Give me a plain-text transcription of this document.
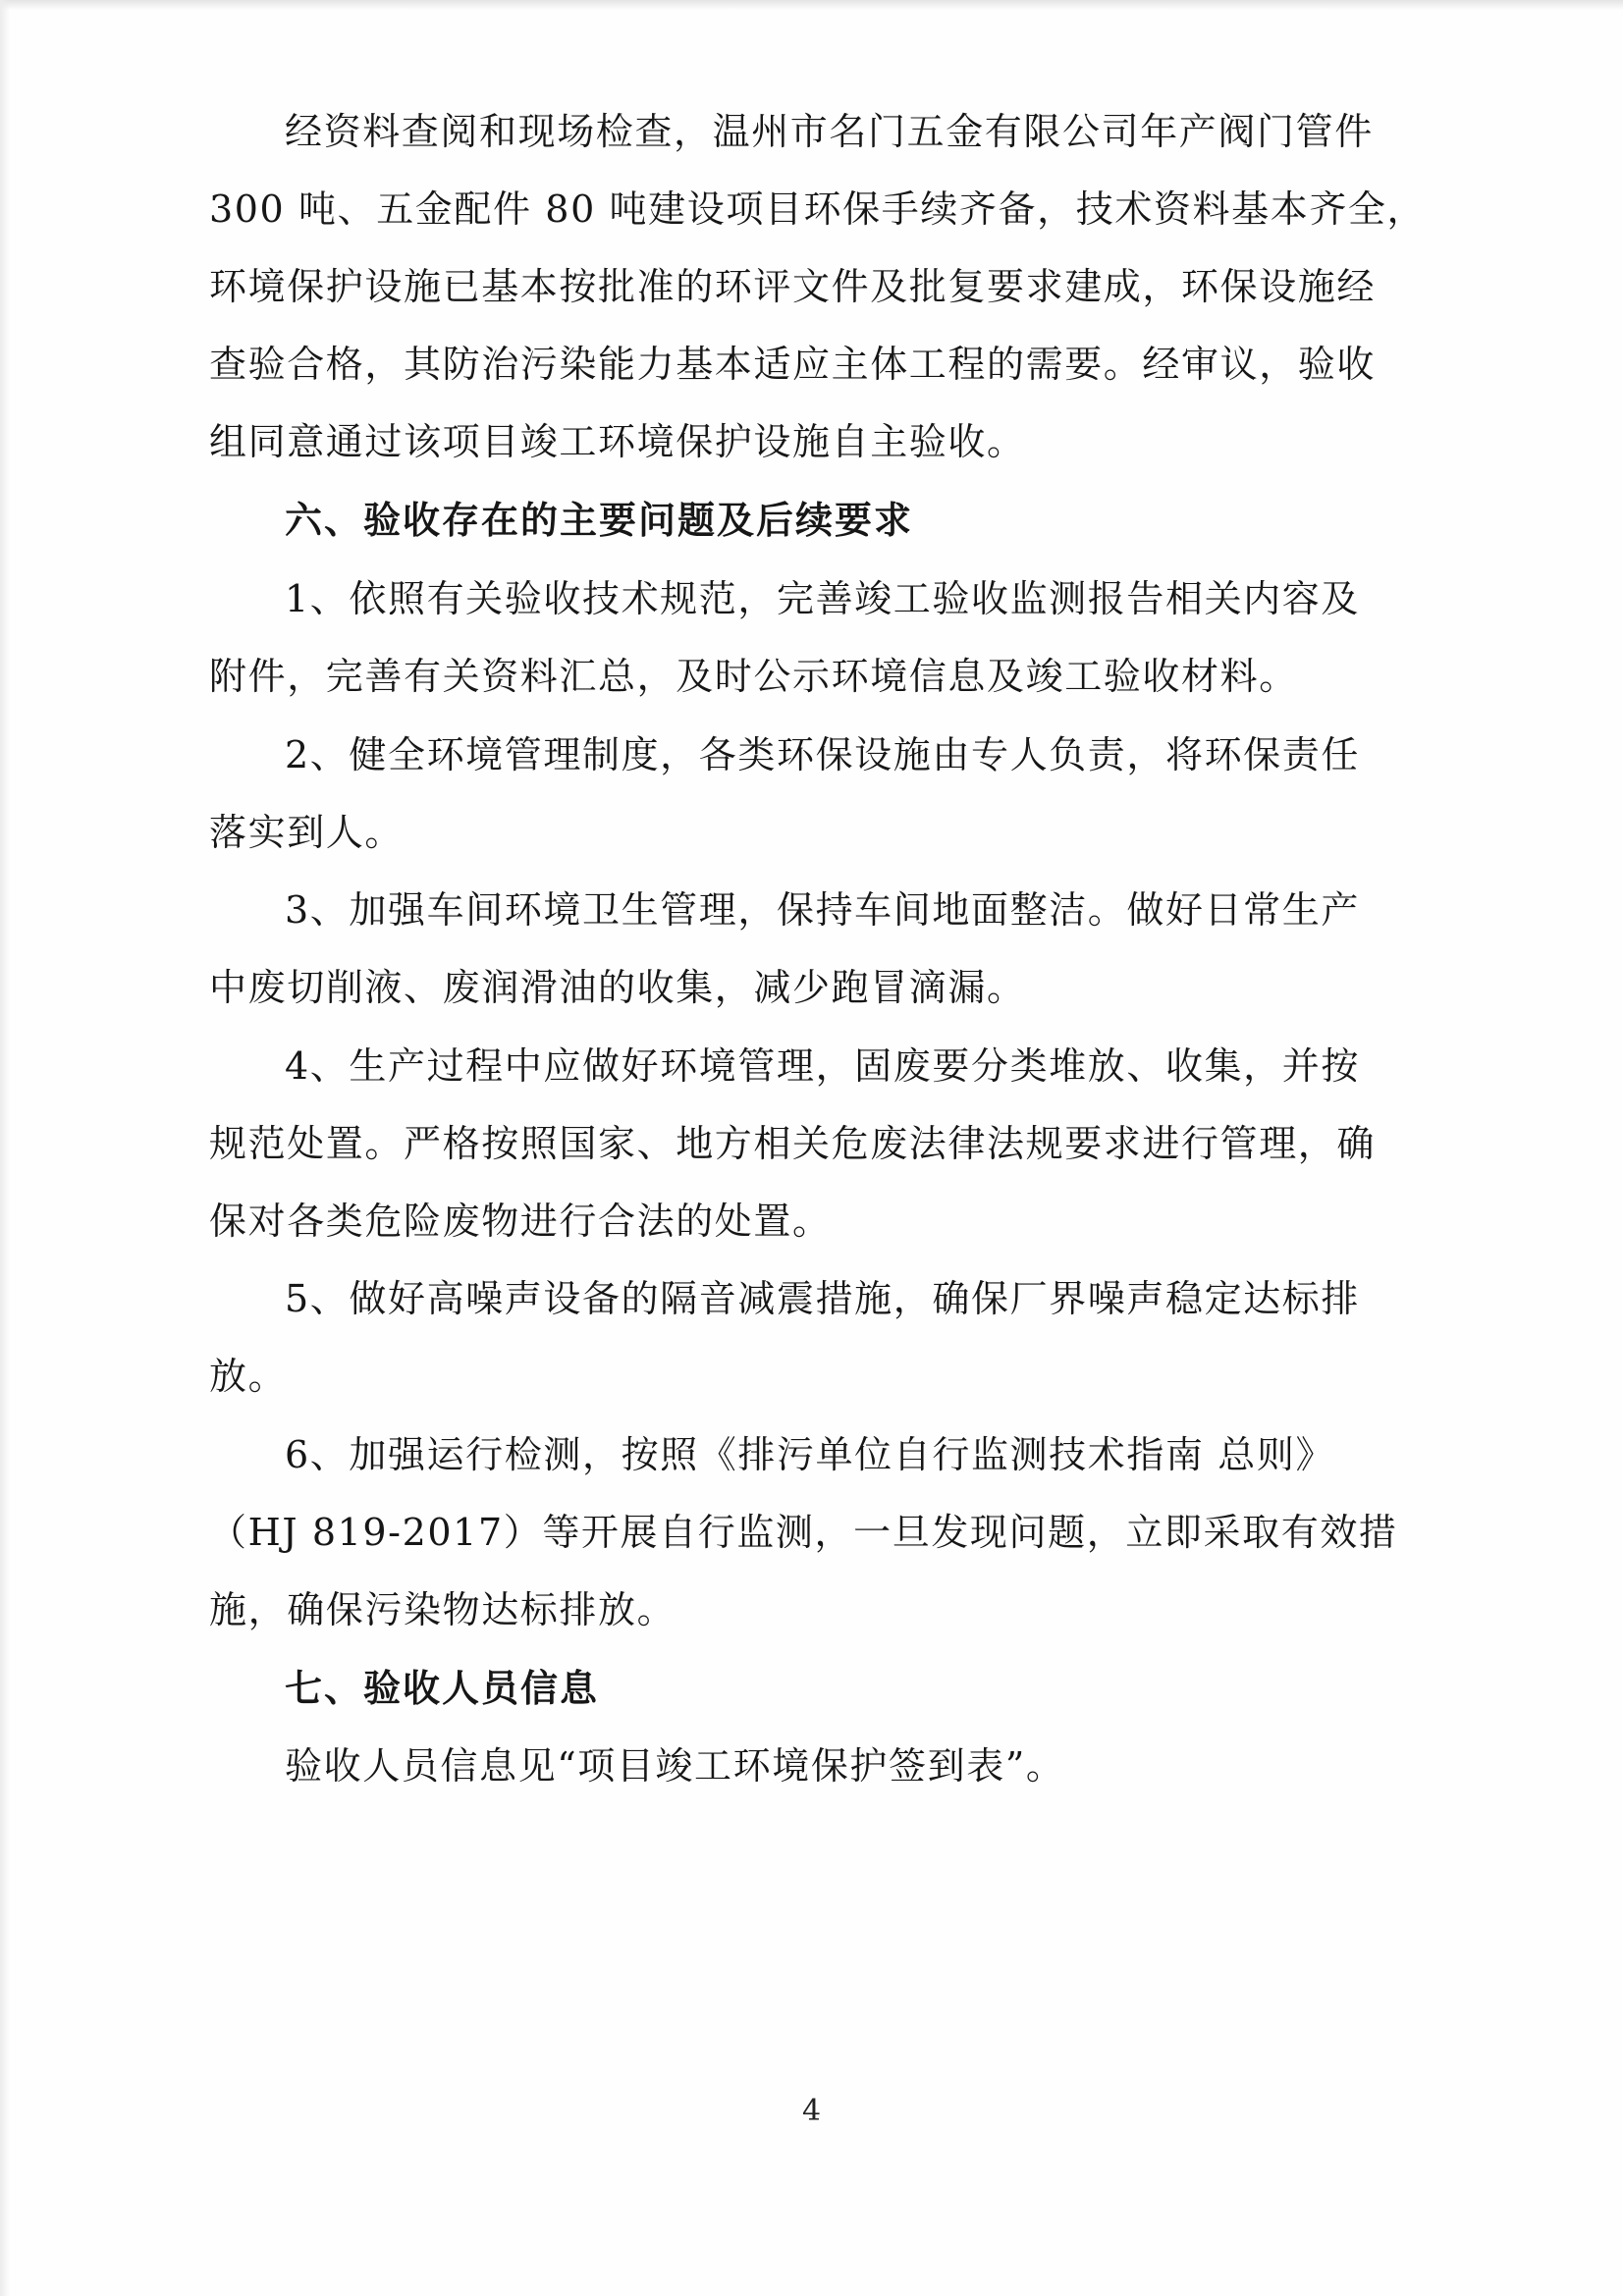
经资料查阅和现场检查，温州市名门五金有限公司年产阀门管件
300 吨、五金配件 80 吨建设项目环保手续齐备，技术资料基本齐全，
环境保护设施已基本按批准的环评文件及批复要求建成，环保设施经
查验合格，其防治污染能力基本适应主体工程的需要。经审议，验收
组同意通过该项目竣工环境保护设施自主验收。
六、验收存在的主要问题及后续要求
1、依照有关验收技术规范，完善竣工验收监测报告相关内容及
附件，完善有关资料汇总，及时公示环境信息及竣工验收材料。
2、健全环境管理制度，各类环保设施由专人负责，将环保责任
落实到人。
3、加强车间环境卫生管理，保持车间地面整洁。做好日常生产
中废切削液、废润滑油的收集，减少跑冒滴漏。
4、生产过程中应做好环境管理，固废要分类堆放、收集，并按
规范处置。严格按照国家、地方相关危废法律法规要求进行管理，确
保对各类危险废物进行合法的处置。
5、做好高噪声设备的隔音减震措施，确保厂界噪声稳定达标排
放。
6、加强运行检测，按照《排污单位自行监测技术指南 总则》
（HJ 819-2017）等开展自行监测，一旦发现问题，立即采取有效措
施，确保污染物达标排放。
七、验收人员信息
验收人员信息见“项目竣工环境保护签到表”。
4
